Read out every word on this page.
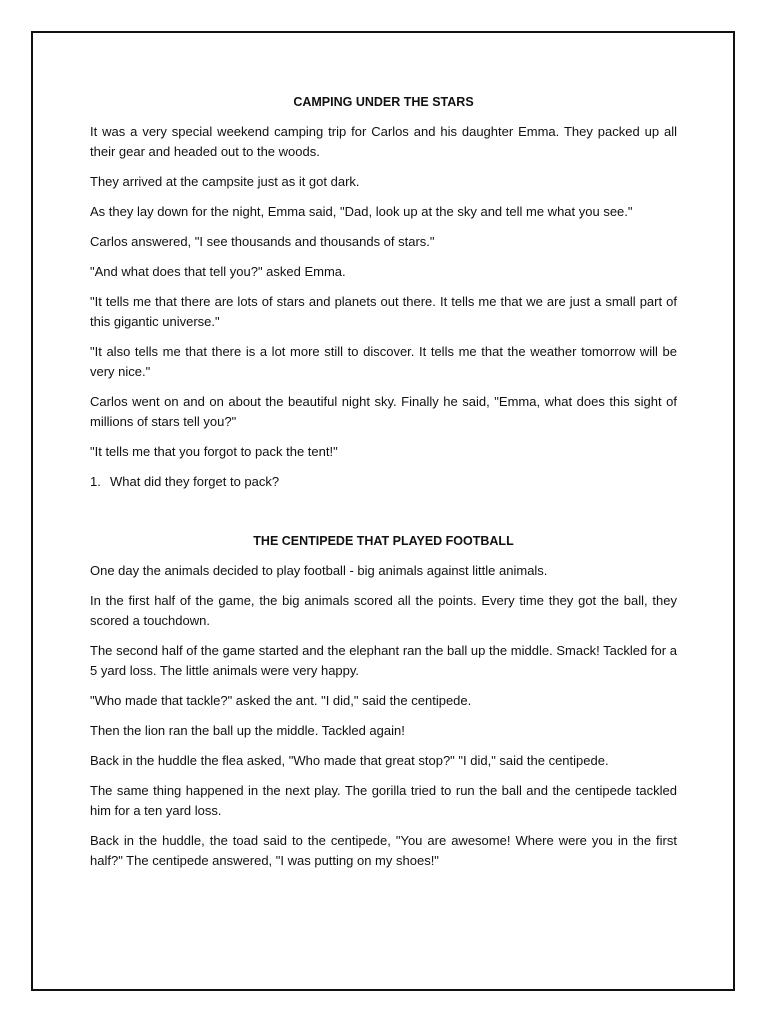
CAMPING UNDER THE STARS

It was a very special weekend camping trip for Carlos and his daughter Emma. They packed up all their gear and headed out to the woods.

They arrived at the campsite just as it got dark.

As they lay down for the night, Emma said, "Dad, look up at the sky and tell me what you see."

Carlos answered, "I see thousands and thousands of stars."

"And what does that tell you?" asked Emma.

"It tells me that there are lots of stars and planets out there. It tells me that we are just a small part of this gigantic universe."

"It also tells me that there is a lot more still to discover. It tells me that the weather tomorrow will be very nice."

Carlos went on and on about the beautiful night sky. Finally he said, "Emma, what does this sight of millions of stars tell you?"

"It tells me that you forgot to pack the tent!"

1. What did they forget to pack?

THE CENTIPEDE THAT PLAYED FOOTBALL

One day the animals decided to play football - big animals against little animals.

In the first half of the game, the big animals scored all the points. Every time they got the ball, they scored a touchdown.

The second half of the game started and the elephant ran the ball up the middle. Smack! Tackled for a 5 yard loss. The little animals were very happy.

"Who made that tackle?" asked the ant. "I did," said the centipede.

Then the lion ran the ball up the middle. Tackled again!

Back in the huddle the flea asked, "Who made that great stop?" "I did," said the centipede.

The same thing happened in the next play. The gorilla tried to run the ball and the centipede tackled him for a ten yard loss.

Back in the huddle, the toad said to the centipede, "You are awesome! Where were you in the first half?" The centipede answered, "I was putting on my shoes!"
